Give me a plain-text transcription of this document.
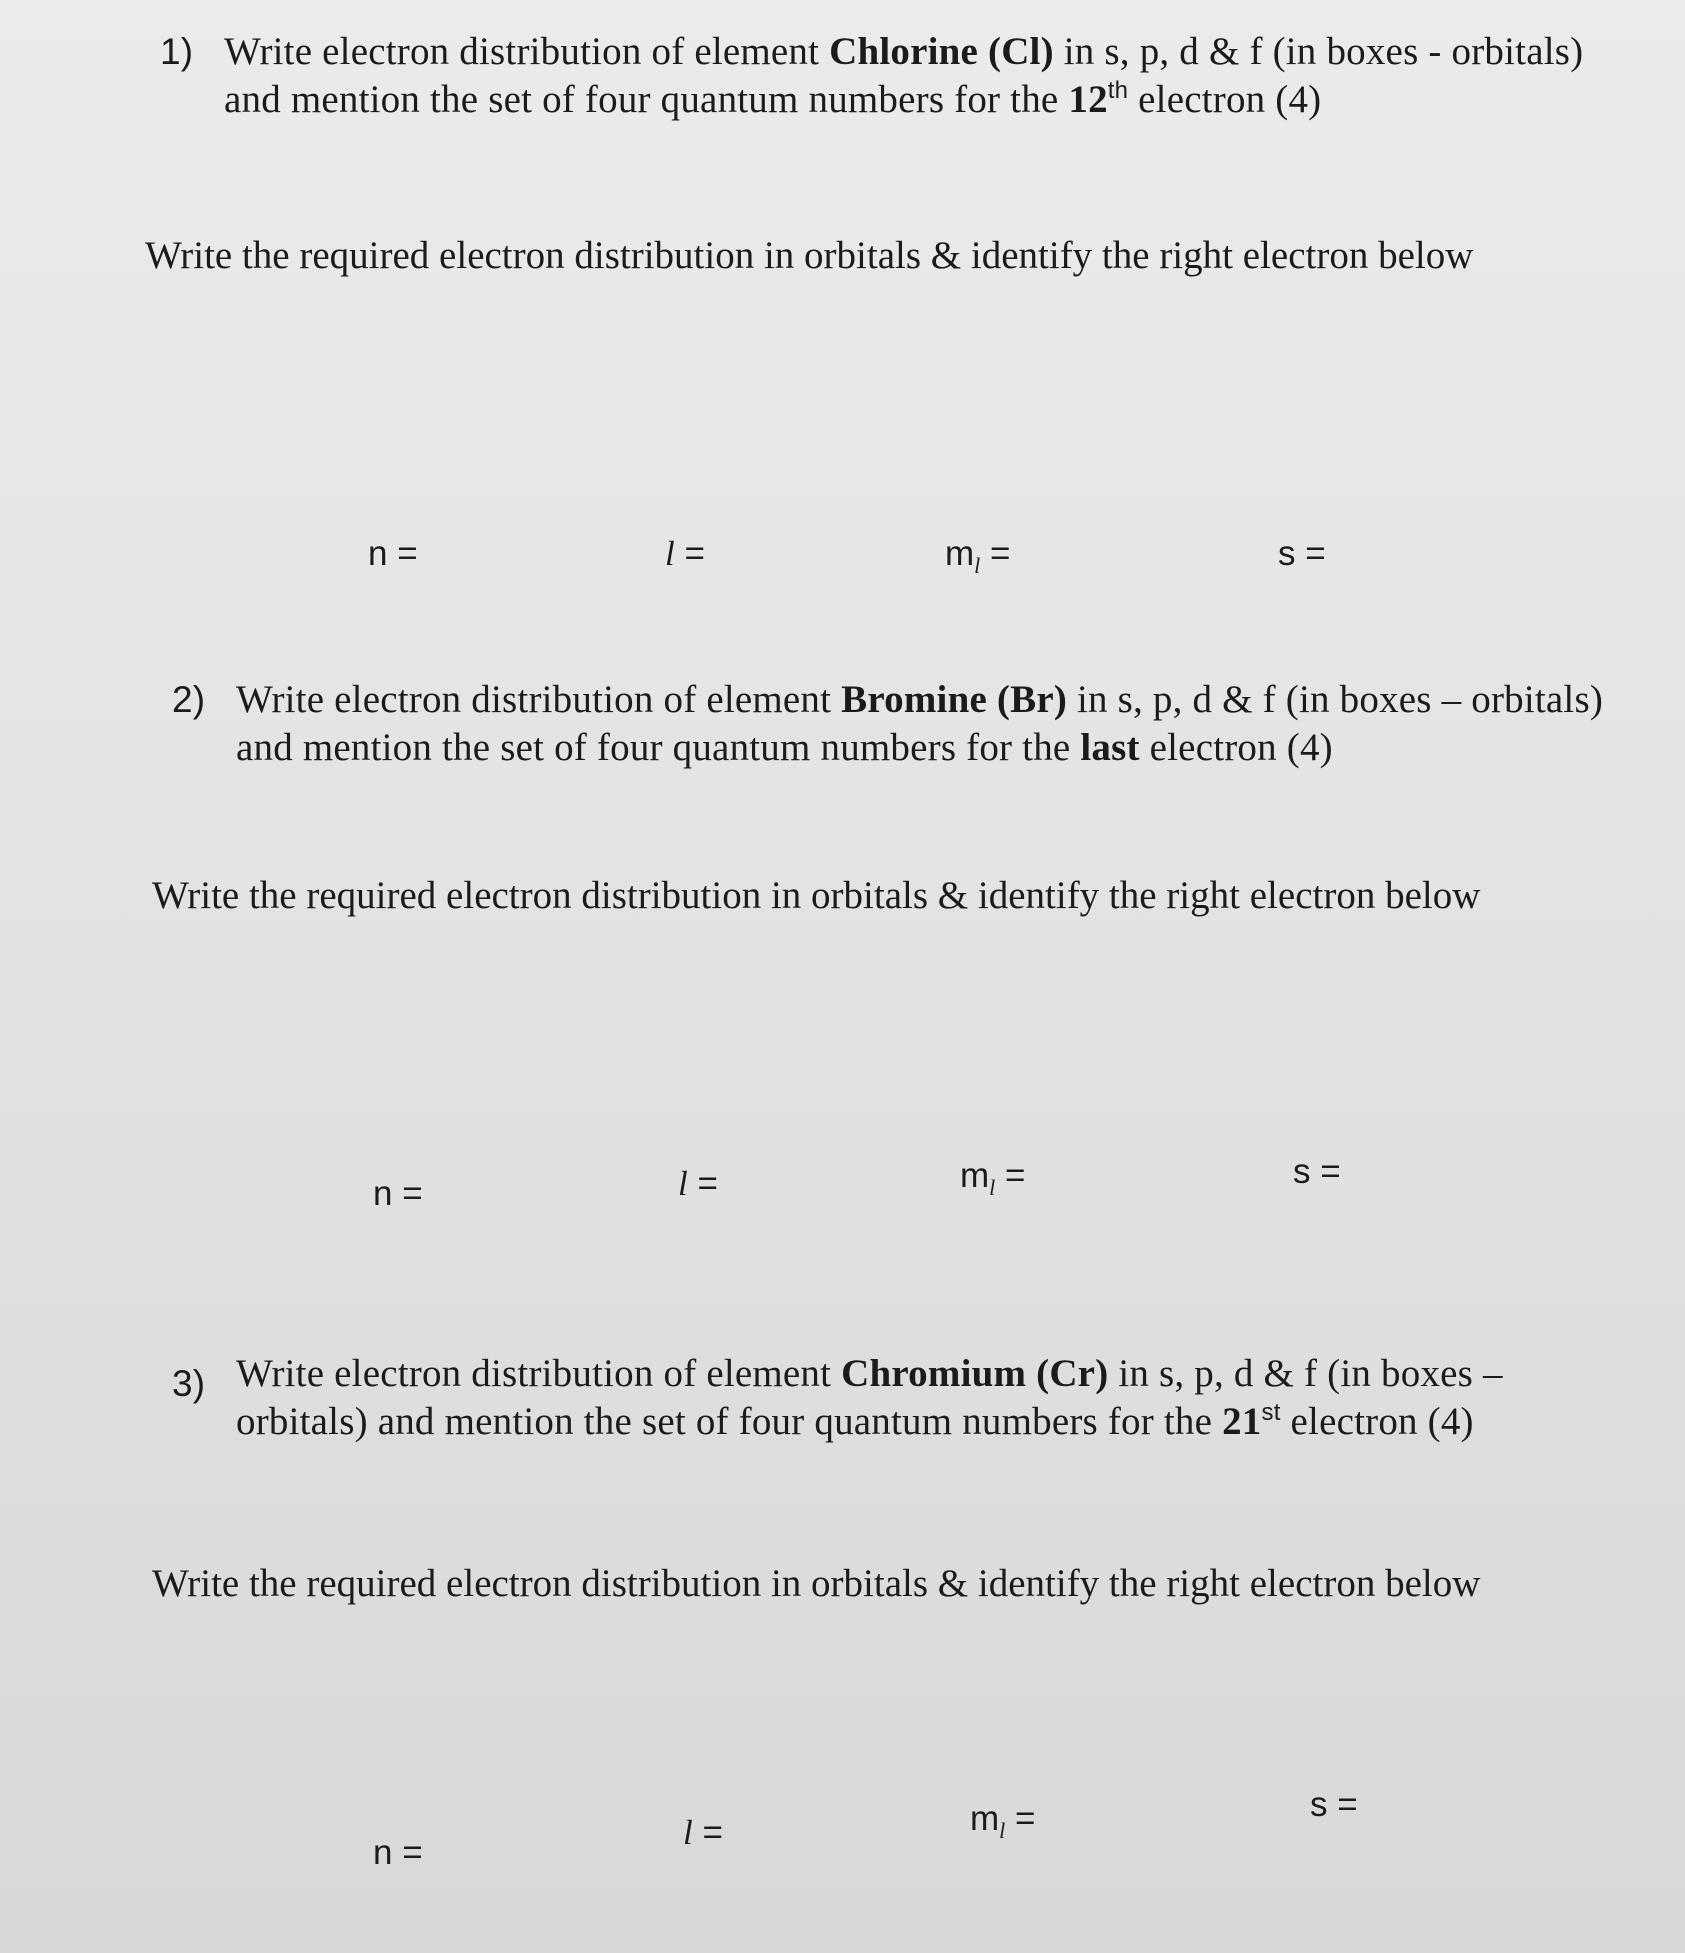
1) Write electron distribution of element Chlorine (Cl) in s, p, d & f (in boxes - orbitals) and mention the set of four quantum numbers for the 12th electron (4)
Write the required electron distribution in orbitals & identify the right electron below
n =	l =	$m_l$ =	s =
2) Write electron distribution of element Bromine (Br) in s, p, d & f (in boxes – orbitals) and mention the set of four quantum numbers for the last electron (4)
Write the required electron distribution in orbitals & identify the right electron below
n =	l =	$m_l$ =	s =
3) Write electron distribution of element Chromium (Cr) in s, p, d & f (in boxes – orbitals) and mention the set of four quantum numbers for the 21st electron (4)
Write the required electron distribution in orbitals & identify the right electron below
n =
l =	$m_l$ =	s =
